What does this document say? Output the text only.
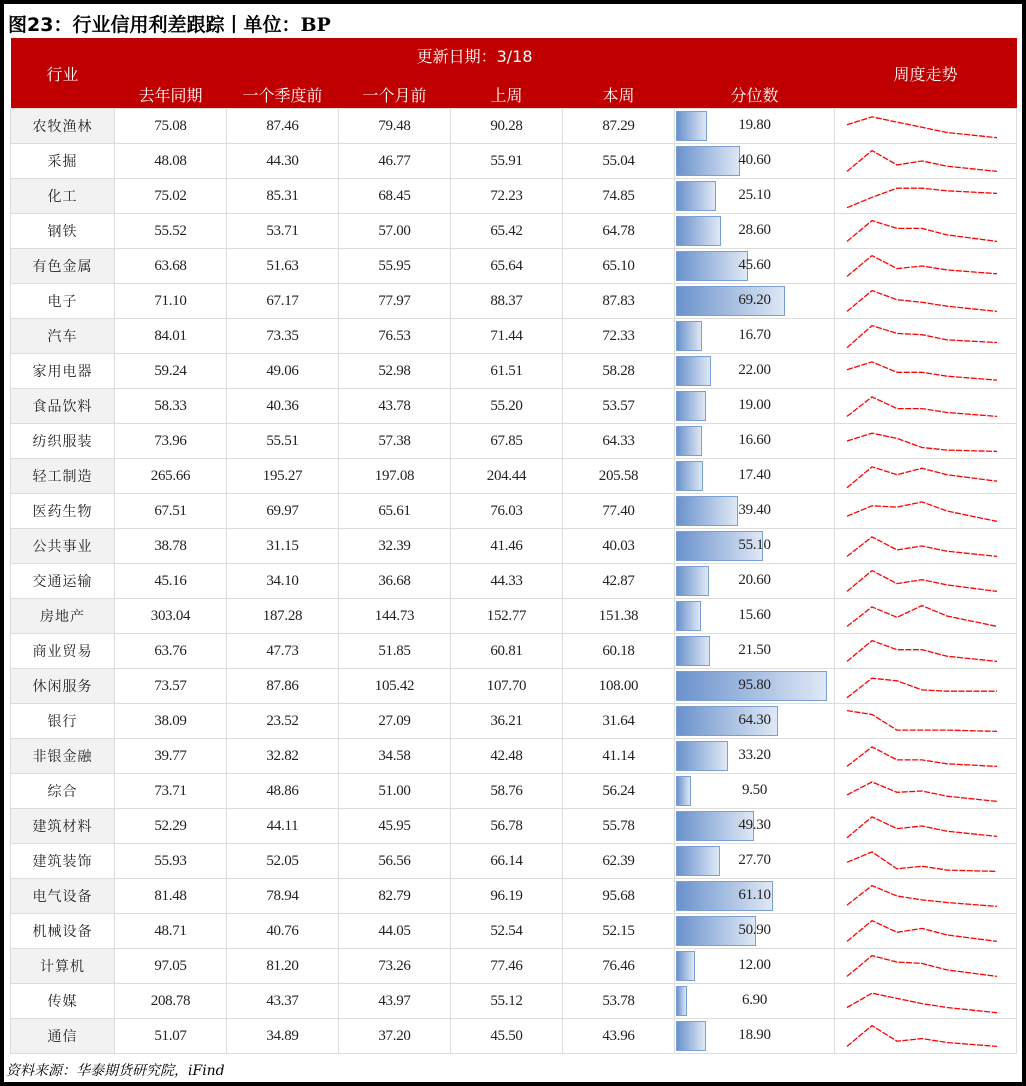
图23：行业信用利差跟踪丨单位：BP
行业	更新日期：3/18						周度走势
	去年同期	一个季度前	一个月前	上周	本周	分位数	
农牧渔林	75.08	87.46	79.48	90.28	87.29	19.80

采掘	48.08	44.30	46.77	55.91	55.04	40.60

化工	75.02	85.31	68.45	72.23	74.85	25.10

钢铁	55.52	53.71	57.00	65.42	64.78	28.60

有色金属	63.68	51.63	55.95	65.64	65.10	45.60

电子	71.10	67.17	77.97	88.37	87.83	69.20

汽车	84.01	73.35	76.53	71.44	72.33	16.70

家用电器	59.24	49.06	52.98	61.51	58.28	22.00

食品饮料	58.33	40.36	43.78	55.20	53.57	19.00

纺织服装	73.96	55.51	57.38	67.85	64.33	16.60

轻工制造	265.66	195.27	197.08	204.44	205.58	17.40

医药生物	67.51	69.97	65.61	76.03	77.40	39.40

公共事业	38.78	31.15	32.39	41.46	40.03	55.10

交通运输	45.16	34.10	36.68	44.33	42.87	20.60

房地产	303.04	187.28	144.73	152.77	151.38	15.60

商业贸易	63.76	47.73	51.85	60.81	60.18	21.50

休闲服务	73.57	87.86	105.42	107.70	108.00	95.80

银行	38.09	23.52	27.09	36.21	31.64	64.30

非银金融	39.77	32.82	34.58	42.48	41.14	33.20

综合	73.71	48.86	51.00	58.76	56.24	9.50

建筑材料	52.29	44.11	45.95	56.78	55.78	49.30

建筑装饰	55.93	52.05	56.56	66.14	62.39	27.70

电气设备	81.48	78.94	82.79	96.19	95.68	61.10

机械设备	48.71	40.76	44.05	52.54	52.15	50.90

计算机	97.05	81.20	73.26	77.46	76.46	12.00

传媒	208.78	43.37	43.97	55.12	53.78	6.90

通信	51.07	34.89	37.20	45.50	43.96	18.90

资料来源：华泰期货研究院，iFind
